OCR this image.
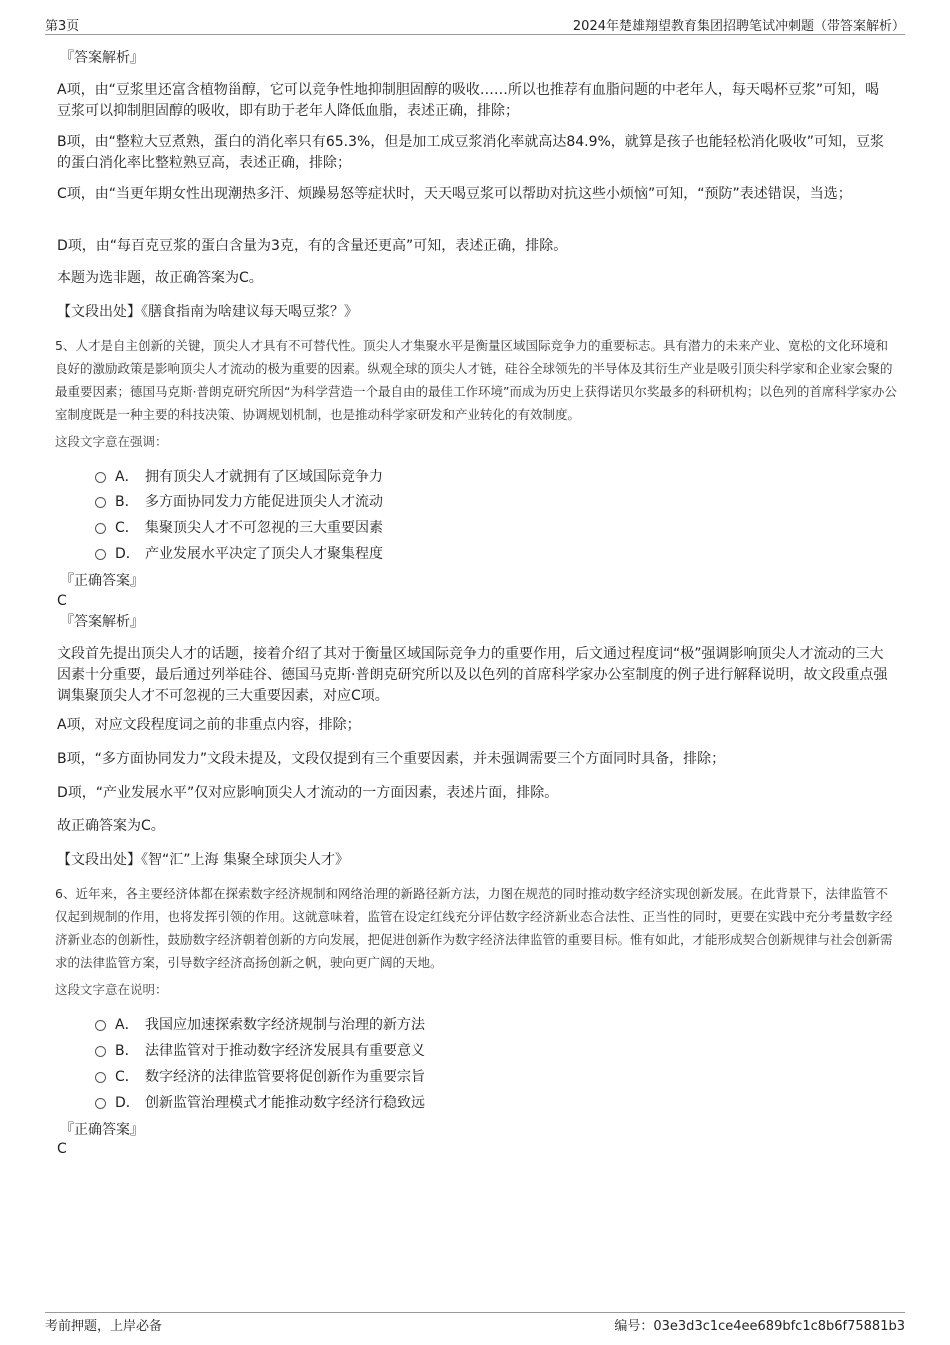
第3页	2024年楚雄翔望教育集团招聘笔试冲刺题（带答案解析）
『答案解析』
A项，由“豆浆里还富含植物甾醇，它可以竞争性地抑制胆固醇的吸收……所以也推荐有血脂问题的中老年人，每天喝杯豆浆”可知，喝豆浆可以抑制胆固醇的吸收，即有助于老年人降低血脂，表述正确，排除；
B项，由“整粒大豆煮熟，蛋白的消化率只有65.3%，但是加工成豆浆消化率就高达84.9%，就算是孩子也能轻松消化吸收”可知，豆浆的蛋白消化率比整粒熟豆高，表述正确，排除；
C项，由“当更年期女性出现潮热多汗、烦躁易怒等症状时，天天喝豆浆可以帮助对抗这些小烦恼”可知，“预防”表述错误，当选；
D项，由“每百克豆浆的蛋白含量为3克，有的含量还更高”可知，表述正确，排除。
本题为选非题，故正确答案为C。
【文段出处】《膳食指南为啥建议每天喝豆浆？》
5、人才是自主创新的关键，顶尖人才具有不可替代性。顶尖人才集聚水平是衡量区域国际竞争力的重要标志。具有潜力的未来产业、宽松的文化环境和良好的激励政策是影响顶尖人才流动的极为重要的因素。纵观全球的顶尖人才链，硅谷全球领先的半导体及其衍生产业是吸引顶尖科学家和企业家会聚的最重要因素；德国马克斯·普朗克研究所因“为科学营造一个最自由的最佳工作环境”而成为历史上获得诺贝尔奖最多的科研机构；以色列的首席科学家办公室制度既是一种主要的科技决策、协调规划机制，也是推动科学家研发和产业转化的有效制度。
这段文字意在强调：
A． 拥有顶尖人才就拥有了区域国际竞争力
B． 多方面协同发力方能促进顶尖人才流动
C． 集聚顶尖人才不可忽视的三大重要因素
D． 产业发展水平决定了顶尖人才聚集程度
『正确答案』
C
『答案解析』
文段首先提出顶尖人才的话题，接着介绍了其对于衡量区域国际竞争力的重要作用，后文通过程度词“极”强调影响顶尖人才流动的三大因素十分重要，最后通过列举硅谷、德国马克斯·普朗克研究所以及以色列的首席科学家办公室制度的例子进行解释说明，故文段重点强调集聚顶尖人才不可忽视的三大重要因素，对应C项。
A项，对应文段程度词之前的非重点内容，排除；
B项，“多方面协同发力”文段未提及，文段仅提到有三个重要因素，并未强调需要三个方面同时具备，排除；
D项，“产业发展水平”仅对应影响顶尖人才流动的一方面因素，表述片面，排除。
故正确答案为C。
【文段出处】《智“汇”上海 集聚全球顶尖人才》
6、近年来，各主要经济体都在探索数字经济规制和网络治理的新路径新方法，力图在规范的同时推动数字经济实现创新发展。在此背景下，法律监管不仅起到规制的作用，也将发挥引领的作用。这就意味着，监管在设定红线充分评估数字经济新业态合法性、正当性的同时，更要在实践中充分考量数字经济新业态的创新性，鼓励数字经济朝着创新的方向发展，把促进创新作为数字经济法律监管的重要目标。惟有如此，才能形成契合创新规律与社会创新需求的法律监管方案，引导数字经济高扬创新之帆，驶向更广阔的天地。
这段文字意在说明：
A． 我国应加速探索数字经济规制与治理的新方法
B． 法律监管对于推动数字经济发展具有重要意义
C． 数字经济的法律监管要将促创新作为重要宗旨
D． 创新监管治理模式才能推动数字经济行稳致远
『正确答案』
C
考前押题，上岸必备	编号：03e3d3c1ce4ee689bfc1c8b6f75881b3
